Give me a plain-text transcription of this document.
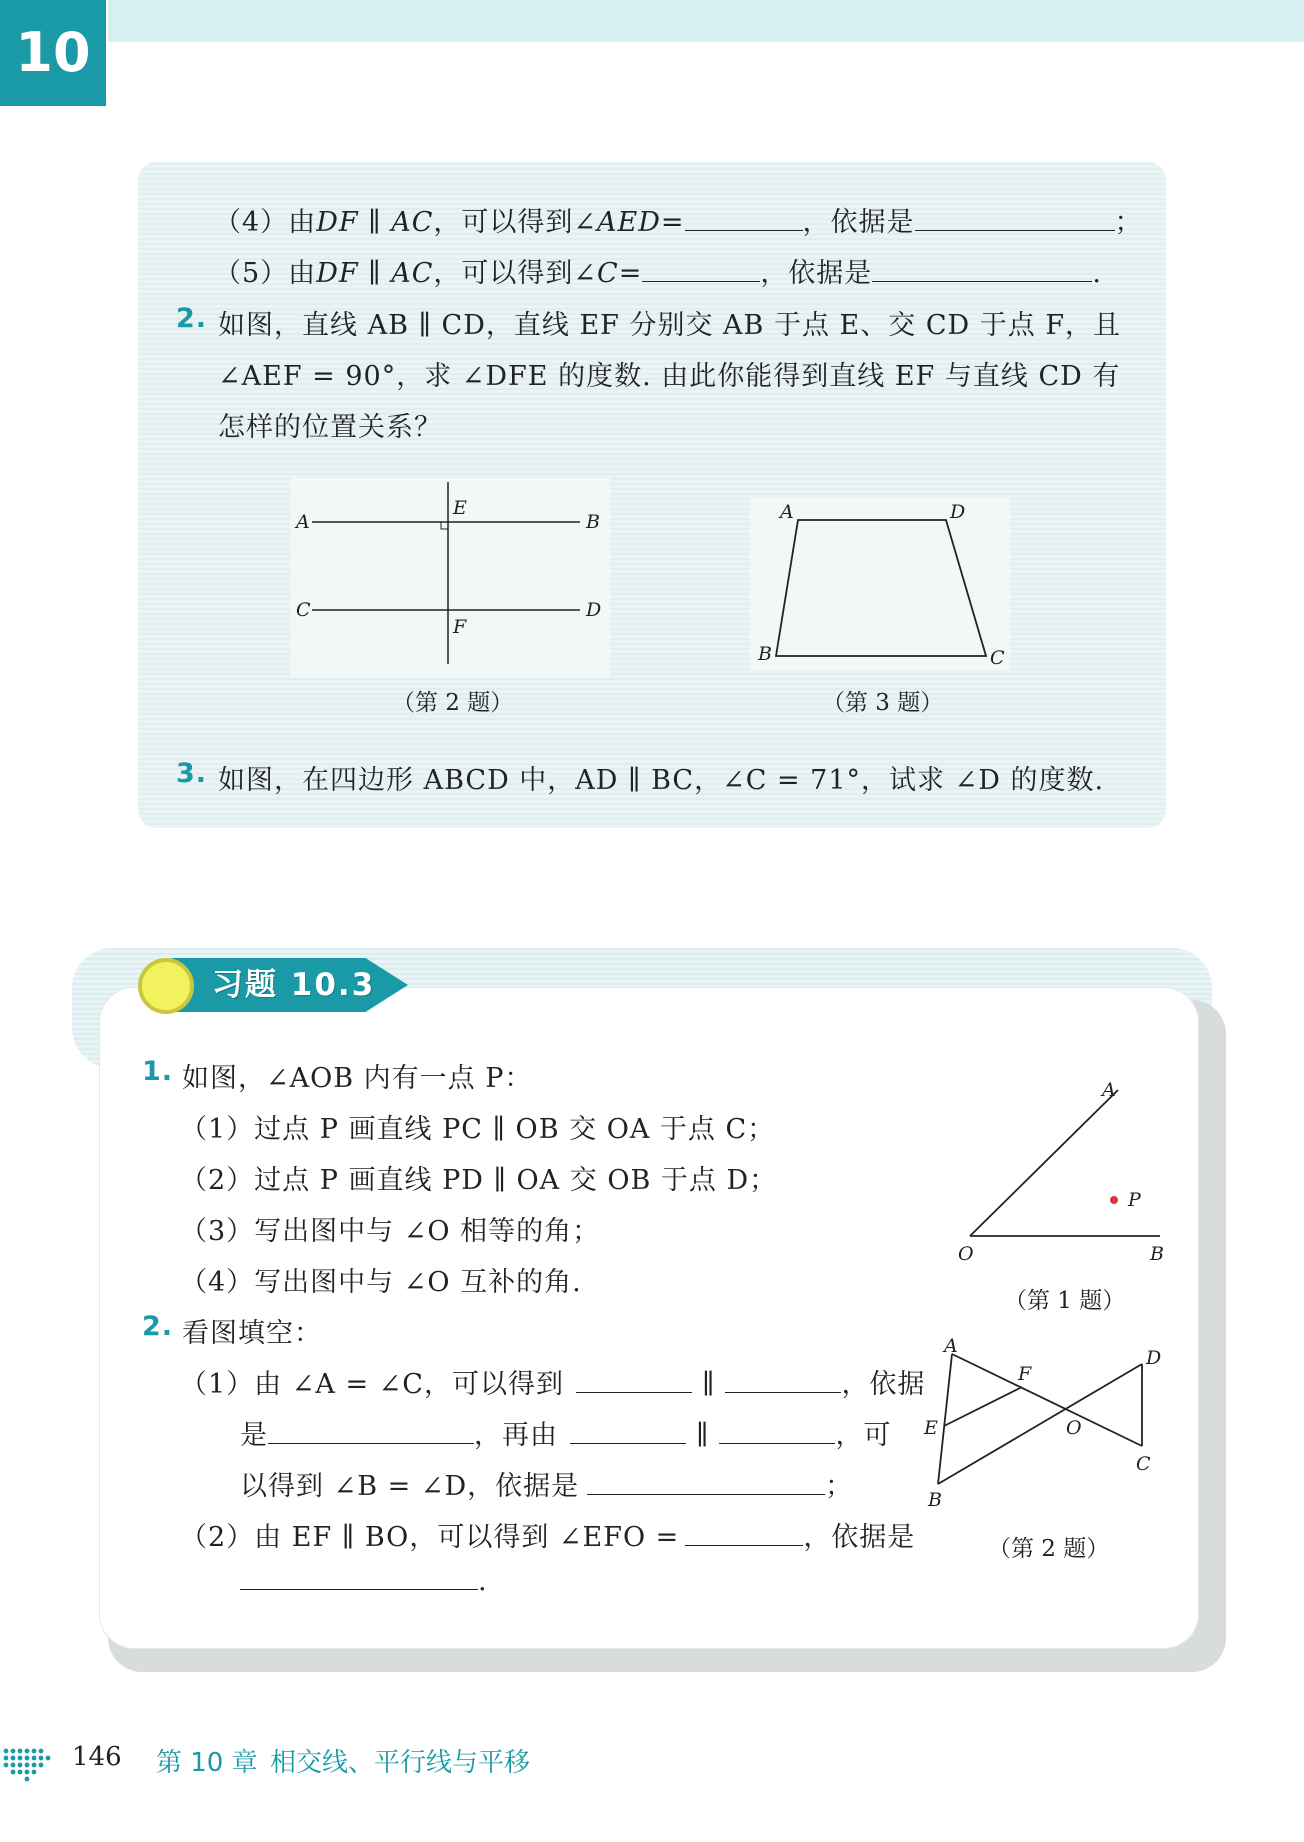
10
（4）由DF ∥ AC，可以得到∠AED=	，依据是	；
（5）由DF ∥ AC，可以得到∠C=	，依据是	.
2. 如图，直线 AB ∥ CD，直线 EF 分别交 AB 于点 E、交 CD 于点 F，且
∠AEF = 90°，求 ∠DFE 的度数. 由此你能得到直线 EF 与直线 CD 有
怎样的位置关系？
A	B
C	D
E
F
（第 2 题）
A	D
B	C
（第 3 题）
3. 如图，在四边形 ABCD 中，AD ∥ BC，∠C = 71°，试求 ∠D 的度数.
习题 10.3
1. 如图，∠AOB 内有一点 P：
（1）过点 P 画直线 PC ∥ OB 交 OA 于点 C；
（2）过点 P 画直线 PD ∥ OA 交 OB 于点 D；
（3）写出图中与 ∠O 相等的角；
（4）写出图中与 ∠O 互补的角.
A
P
O	B
（第 1 题）
2. 看图填空：
（1）由 ∠A = ∠C，可以得到	∥	，依据
是	，再由	∥	，可
以得到 ∠B = ∠D，依据是	；
（2）由 EF ∥ BO，可以得到 ∠EFO =	，依据是
.
A
F
D
E	O
C
B
（第 2 题）
146 第 10 章 相交线、平行线与平移
